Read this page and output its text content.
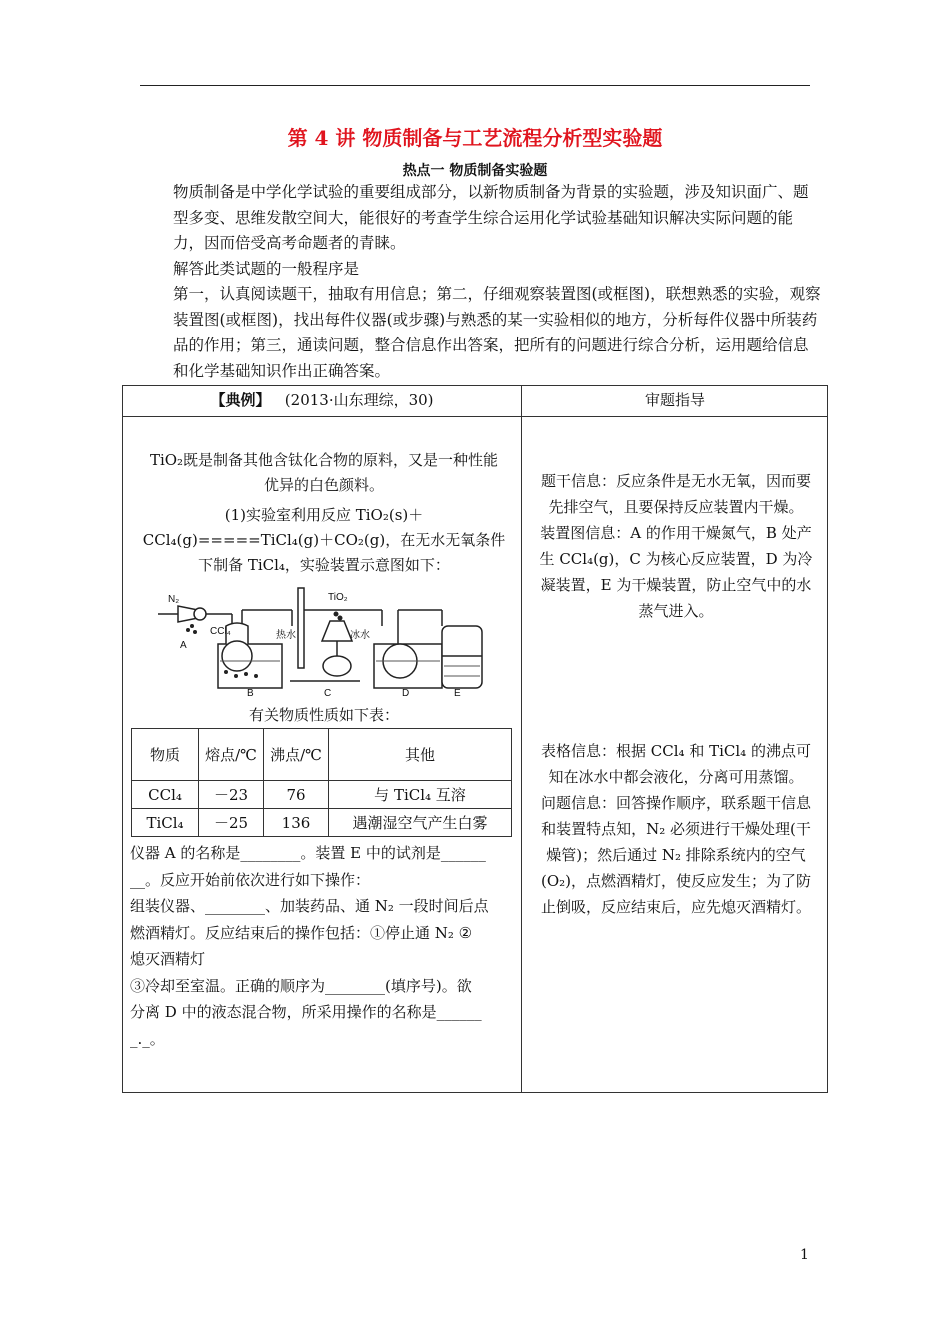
第 4 讲 物质制备与工艺流程分析型实验题
热点一 物质制备实验题

物质制备是中学化学试验的重要组成部分，以新物质制备为背景的实验题，涉及知识面广、题型多变、思维发散空间大，能很好的考查学生综合运用化学试验基础知识解决实际问题的能力，因而倍受高考命题者的青睐。

解答此类试题的一般程序是

第一，认真阅读题干，抽取有用信息；第二，仔细观察装置图(或框图)，联想熟悉的实验，观察装置图(或框图)，找出每件仪器(或步骤)与熟悉的某一实验相似的地方，分析每件仪器中所装药品的作用；第三，通读问题，整合信息作出答案，把所有的问题进行综合分析，运用题给信息和化学基础知识作出正确答案。

【典例】 (2013·山东理综，30)	审题指导
TiO₂既是制备其他含钛化合物的原料，又是一种性能
优异的白色颜料。
(1)实验室利用反应 TiO₂(s)＋
CCl₄(g)=====TiCl₄(g)＋CO₂(g)，在无水无氧条件
下制备 TiCl₄，实验装置示意图如下：
N₂	TiO₂
CCl₄	热水	冰水
A
B	C	D	E
有关物质性质如下表：
物质	熔点/℃	沸点/℃	其他
CCl₄	－23	76	与 TiCl₄ 互溶
TiCl₄	－25	136	遇潮湿空气产生白雾
仪器 A 的名称是________。装置 E 中的试剂是______
__。反应开始前依次进行如下操作：
组装仪器、________、加装药品、通 N₂ 一段时间后点
燃酒精灯。反应结束后的操作包括：①停止通 N₂ ②
熄灭酒精灯
③冷却至室温。正确的顺序为________(填序号)。欲
分离 D 中的液态混合物，所采用操作的名称是______
_._。
题干信息：反应条件是无水无氧，因而要
先排空气，且要保持反应装置内干燥。
装置图信息：A 的作用干燥氮气，B 处产
生 CCl₄(g)，C 为核心反应装置，D 为冷
凝装置，E 为干燥装置，防止空气中的水
蒸气进入。
表格信息：根据 CCl₄ 和 TiCl₄ 的沸点可
知在冰水中都会液化，分离可用蒸馏。
问题信息：回答操作顺序，联系题干信息
和装置特点知，N₂ 必须进行干燥处理(干
燥管)；然后通过 N₂ 排除系统内的空气
(O₂)，点燃酒精灯，使反应发生；为了防
止倒吸，反应结束后，应先熄灭酒精灯。
1
